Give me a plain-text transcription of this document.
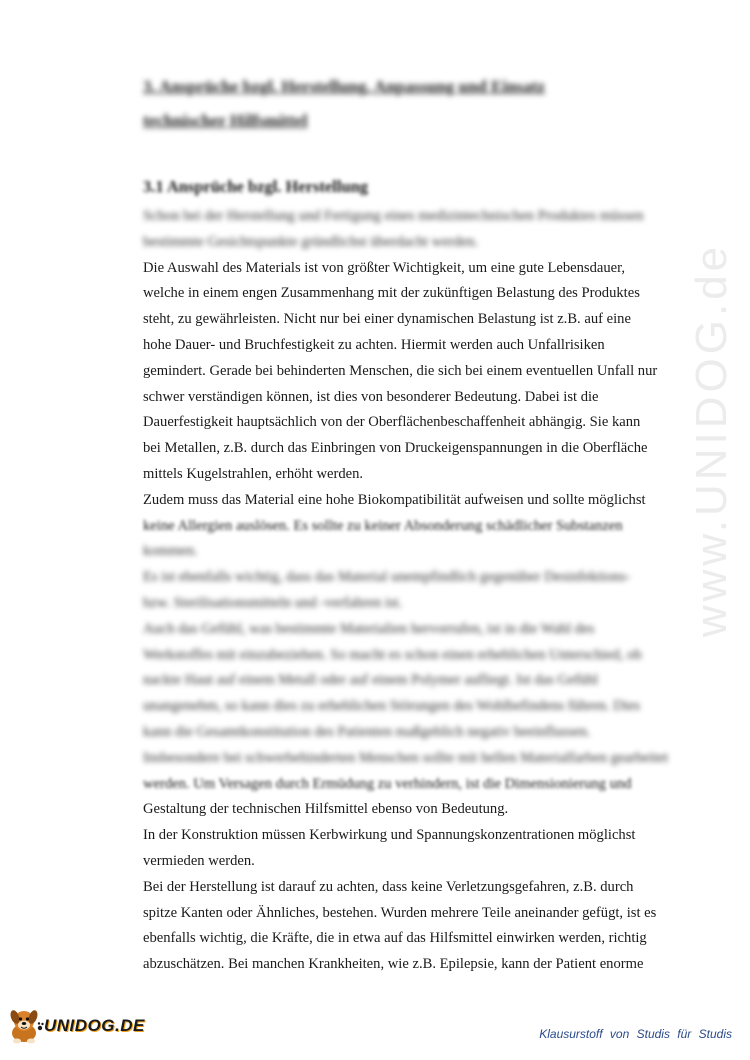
www.UNIDOG.de
3. Ansprüche bzgl. Herstellung, Anpassung und Einsatz
technischer Hilfsmittel
3.1 Ansprüche bzgl. Herstellung
Schon bei der Herstellung und Fertigung eines medizintechnischen Produktes müssen
bestimmte Gesichtspunkte gründlichst überdacht werden.
Die Auswahl des Materials ist von größter Wichtigkeit, um eine gute Lebensdauer,
welche in einem engen Zusammenhang mit der zukünftigen Belastung des Produktes
steht, zu gewährleisten. Nicht nur bei einer dynamischen Belastung ist z.B. auf eine
hohe Dauer- und Bruchfestigkeit zu achten. Hiermit werden auch Unfallrisiken
gemindert. Gerade bei behinderten Menschen, die sich bei einem eventuellen Unfall nur
schwer verständigen können, ist dies von besonderer Bedeutung. Dabei ist die
Dauerfestigkeit hauptsächlich von der Oberflächenbeschaffenheit abhängig. Sie kann
bei Metallen, z.B. durch das Einbringen von Druckeigenspannungen in die Oberfläche
mittels Kugelstrahlen, erhöht werden.
Zudem muss das Material eine hohe Biokompatibilität aufweisen und sollte möglichst
keine Allergien auslösen. Es sollte zu keiner Absonderung schädlicher Substanzen
kommen.
Es ist ebenfalls wichtig, dass das Material unempfindlich gegenüber Desinfektions-
bzw. Sterilisationsmitteln und -verfahren ist.
Auch das Gefühl, was bestimmte Materialien hervorrufen, ist in die Wahl des
Werkstoffes mit einzubeziehen. So macht es schon einen erheblichen Unterschied, ob
nackte Haut auf einem Metall oder auf einem Polymer aufliegt. Ist das Gefühl
unangenehm, so kann dies zu erheblichen Störungen des Wohlbefindens führen. Dies
kann die Gesamtkonstitution des Patienten maßgeblich negativ beeinflussen.
Insbesondere bei schwerbehinderten Menschen sollte mit hellen Materialfarben gearbeitet
werden. Um Versagen durch Ermüdung zu verhindern, ist die Dimensionierung und
Gestaltung der technischen Hilfsmittel ebenso von Bedeutung.
In der Konstruktion müssen Kerbwirkung und Spannungskonzentrationen möglichst
vermieden werden.
Bei der Herstellung ist darauf zu achten, dass keine Verletzungsgefahren, z.B. durch
spitze Kanten oder Ähnliches, bestehen. Wurden mehrere Teile aneinander gefügt, ist es
ebenfalls wichtig, die Kräfte, die in etwa auf das Hilfsmittel einwirken werden, richtig
abzuschätzen. Bei manchen Krankheiten, wie z.B. Epilepsie, kann der Patient enorme
UNIDOG.DE	Klausurstoff von Studis für Studis
